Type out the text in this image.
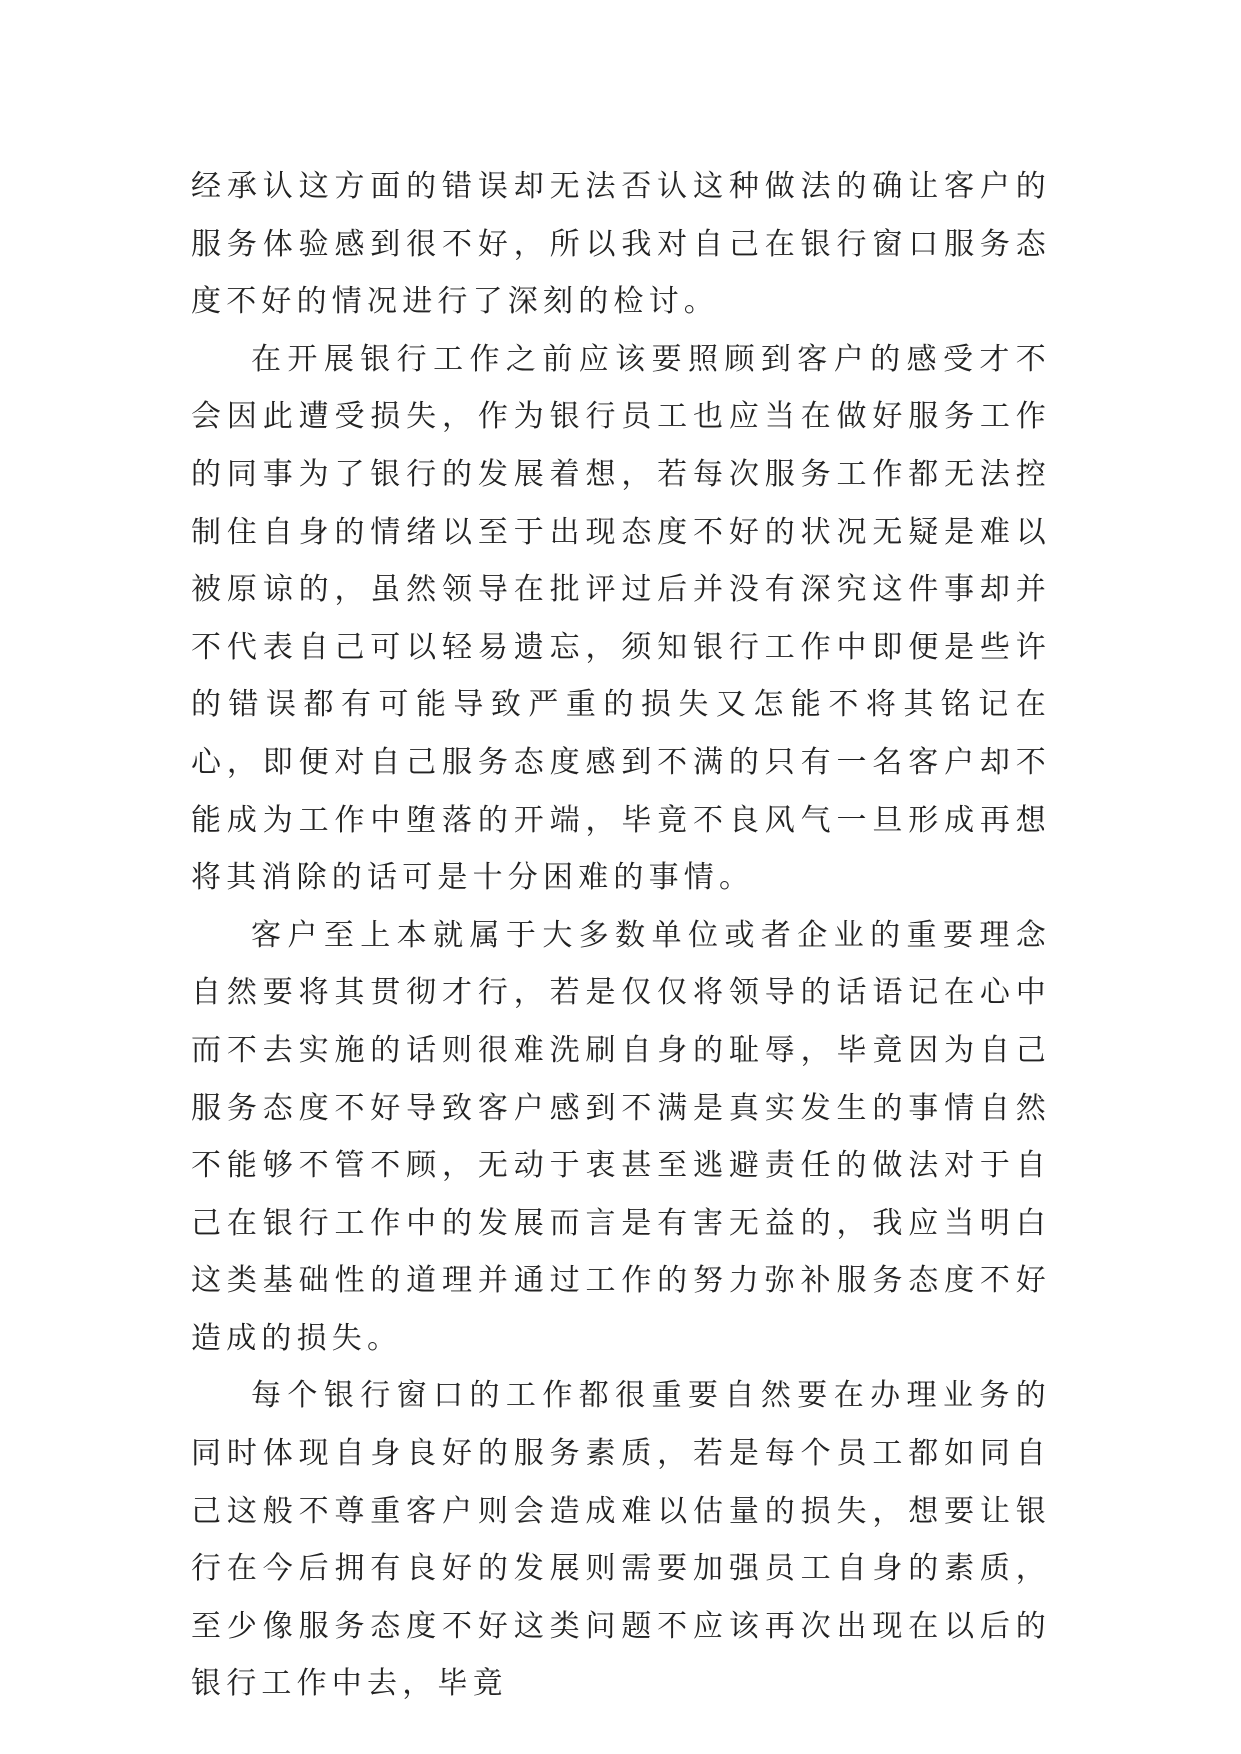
经承认这方面的错误却无法否认这种做法的确让客户的服务体验感到很不好，所以我对自己在银行窗口服务态度不好的情况进行了深刻的检讨。

在开展银行工作之前应该要照顾到客户的感受才不会因此遭受损失，作为银行员工也应当在做好服务工作的同事为了银行的发展着想，若每次服务工作都无法控制住自身的情绪以至于出现态度不好的状况无疑是难以被原谅的，虽然领导在批评过后并没有深究这件事却并不代表自己可以轻易遗忘，须知银行工作中即便是些许的错误都有可能导致严重的损失又怎能不将其铭记在心，即便对自己服务态度感到不满的只有一名客户却不能成为工作中堕落的开端，毕竟不良风气一旦形成再想将其消除的话可是十分困难的事情。

客户至上本就属于大多数单位或者企业的重要理念自然要将其贯彻才行，若是仅仅将领导的话语记在心中而不去实施的话则很难洗刷自身的耻辱，毕竟因为自己服务态度不好导致客户感到不满是真实发生的事情自然不能够不管不顾，无动于衷甚至逃避责任的做法对于自己在银行工作中的发展而言是有害无益的，我应当明白这类基础性的道理并通过工作的努力弥补服务态度不好造成的损失。

每个银行窗口的工作都很重要自然要在办理业务的同时体现自身良好的服务素质，若是每个员工都如同自己这般不尊重客户则会造成难以估量的损失，想要让银行在今后拥有良好的发展则需要加强员工自身的素质，至少像服务态度不好这类问题不应该再次出现在以后的银行工作中去，毕竟
